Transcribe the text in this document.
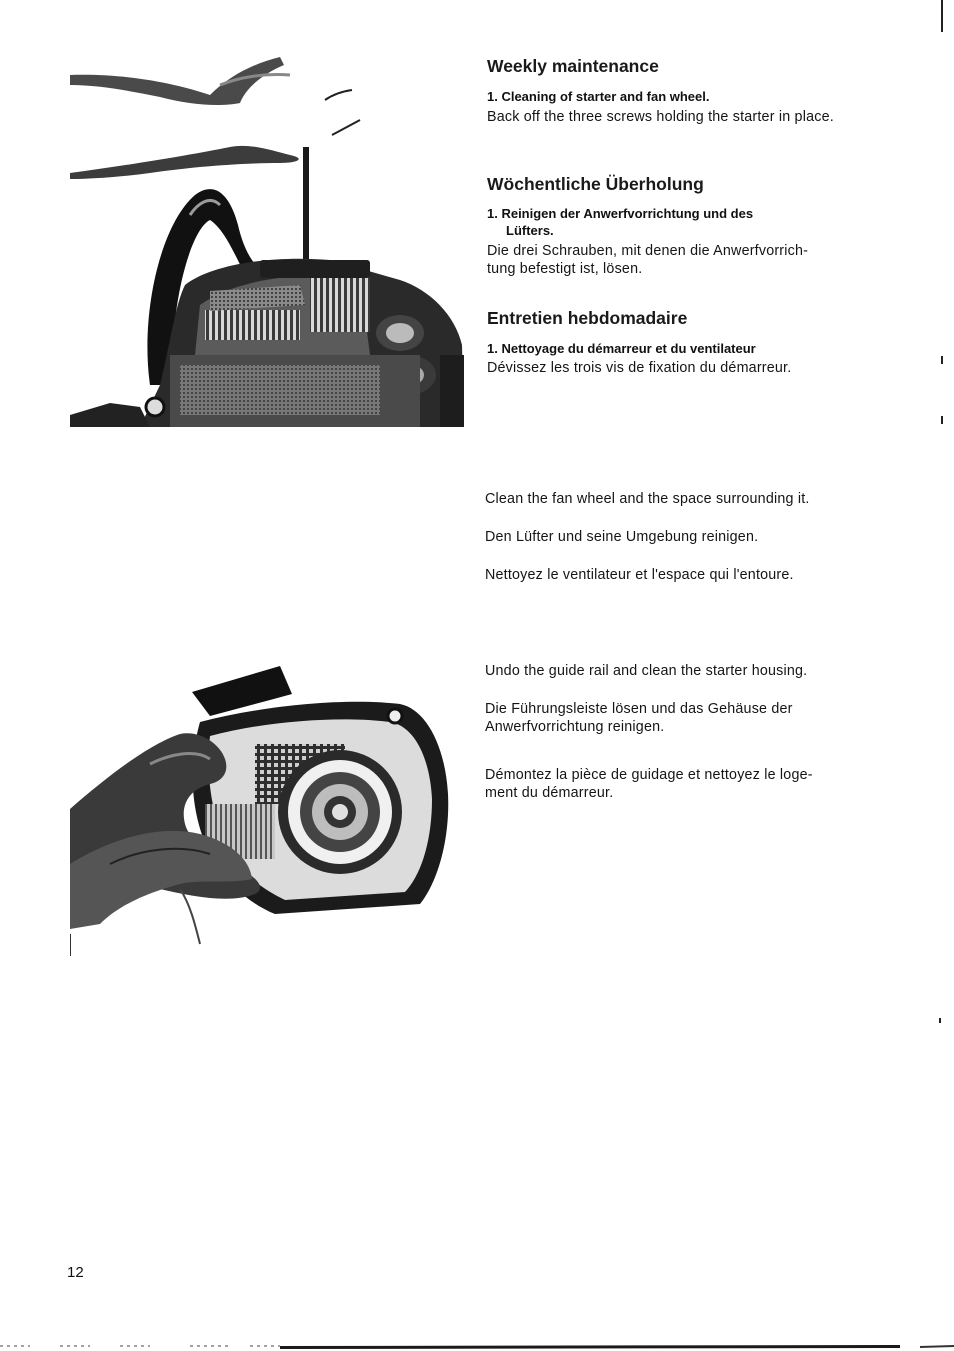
Weekly maintenance

1. Cleaning of starter and fan wheel.

Back off the three screws holding the starter in place.

Wöchentliche Überholung

1. Reinigen der Anwerfvorrichtung und des
Lüfters.

Die drei Schrauben, mit denen die Anwerfvorrich-
tung befestigt ist, lösen.

Entretien hebdomadaire

1. Nettoyage du démarreur et du ventilateur

Dévissez les trois vis de fixation du démarreur.

Clean the fan wheel and the space surrounding it.

Den Lüfter und seine Umgebung reinigen.

Nettoyez le ventilateur et l'espace qui l'entoure.

Undo the guide rail and clean the starter housing.

Die Führungsleiste lösen und das Gehäuse der
Anwerfvorrichtung reinigen.

Démontez la pièce de guidage et nettoyez le loge-
ment du démarreur.

12
